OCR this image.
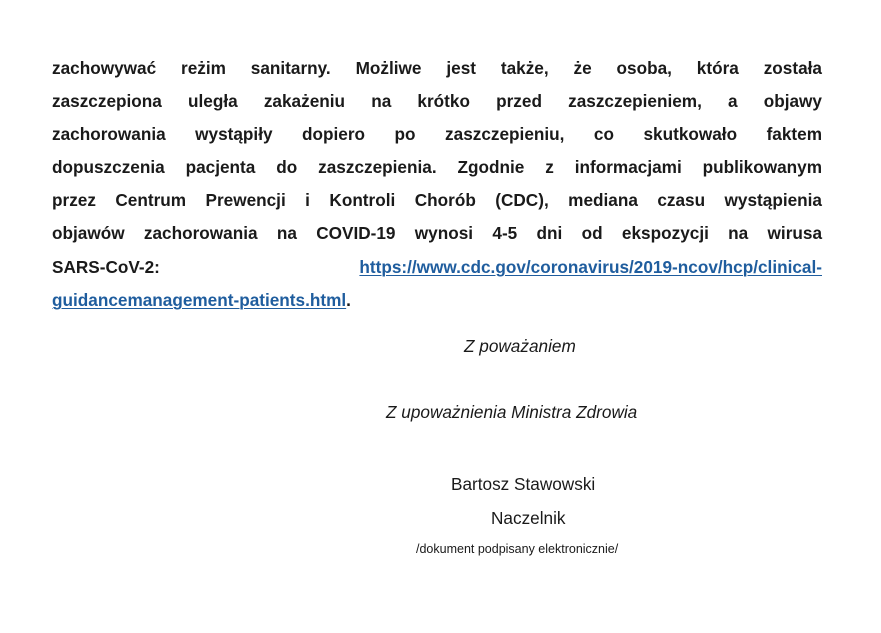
zachowywać reżim sanitarny. Możliwe jest także, że osoba, która została
zaszczepiona uległa zakażeniu na krótko przed zaszczepieniem, a objawy
zachorowania wystąpiły dopiero po zaszczepieniu, co skutkowało faktem
dopuszczenia pacjenta do zaszczepienia. Zgodnie z informacjami publikowanym
przez Centrum Prewencji i Kontroli Chorób (CDC), mediana czasu wystąpienia
objawów zachorowania na COVID-19 wynosi 4-5 dni od ekspozycji na wirusa
SARS-CoV-2:	https://www.cdc.gov/coronavirus/2019-ncov/hcp/clinical-
guidancemanagement-patients.html.

Z poważaniem

Z upoważnienia Ministra Zdrowia

Bartosz Stawowski

Naczelnik

/dokument podpisany elektronicznie/
